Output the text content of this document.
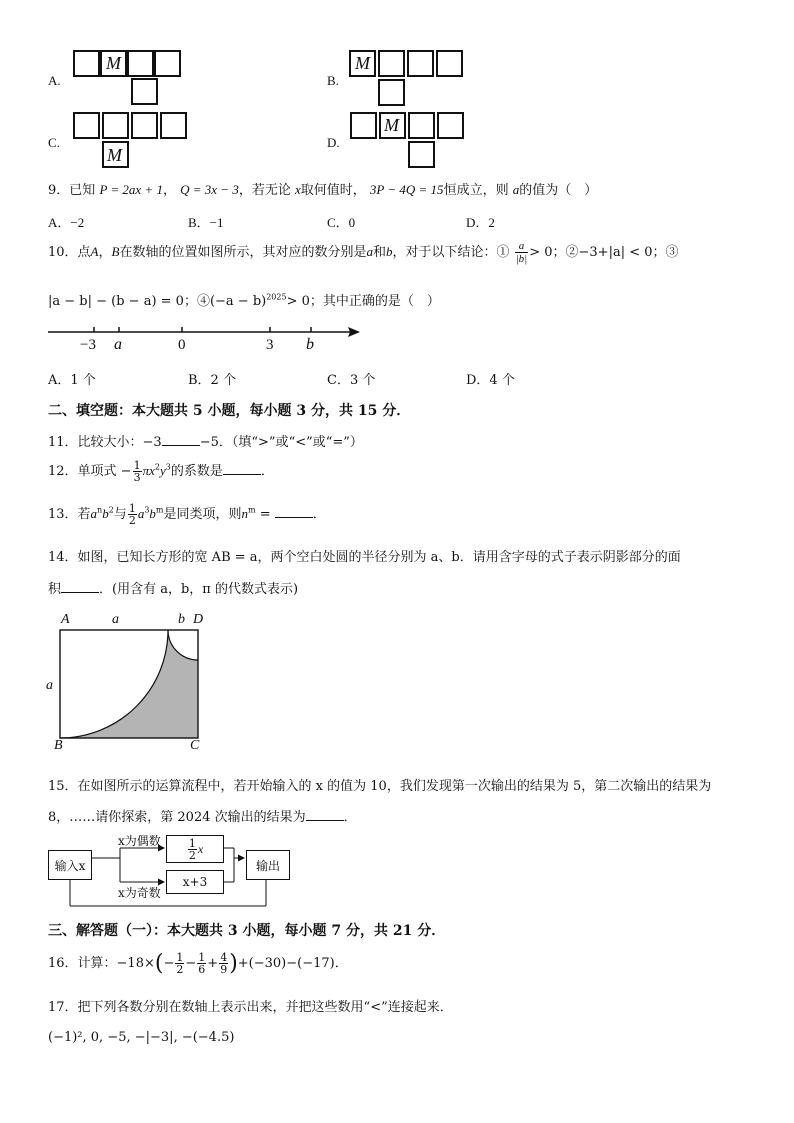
A.
M
B.
M
C.
M
D.
M
9．已知 P = 2ax + 1， Q = 3x − 3，若无论 x取何值时， 3P − 4Q = 15恒成立，则 a的值为（　）
A．−2	B．−1	C．0	D．2
10．点A，B在数轴的位置如图所示，其对应的数分别是a和b，对于以下结论：① $\frac{a}{|b|} > 0$；②−3+|a| < 0；③
|a − b| − (b − a) = 0；④(−a − b)$^{2025}$> 0；其中正确的是（　）
−3 a	0	3 b
A．1 个	B．2 个	C．3 个	D．4 个
二、填空题：本大题共 5 小题，每小题 3 分，共 15 分．
11．比较大小：−3	−5．（填“>”或“<”或“=”）
12．单项式 − $\frac{1}{3} \pi x^2y^3$的系数是	．
13．若$a^nb^2$与 $\frac{1}{2} a^3b^m$是同类项，则$n^m$ =	．
14．如图，已知长方形的宽 AB = a，两个空白处圆的半径分别为 a、b．请用含字母的式子表示阴影部分的面
积	．(用含有 a，b，π 的代数式表示)
A	a	b D
a
B	C
15．在如图所示的运算流程中，若开始输入的 x 的值为 10，我们发现第一次输出的结果为 5，第二次输出的结果为
8，……请你探索，第 2024 次输出的结果为	．
输入x
x为偶数
x为奇数
$\frac{1}{2}$ x
x+3
输出
三、解答题（一）：本大题共 3 小题，每小题 7 分，共 21 分．
16．计算：$-18\times(- \frac{1}{2} - \frac{1}{6} + \frac{4}{9} )+(-30)-(-17)$．
17．把下列各数分别在数轴上表示出来，并把这些数用“<”连接起来．
(−1)², 0, −5, −|−3|, −(−4.5)
